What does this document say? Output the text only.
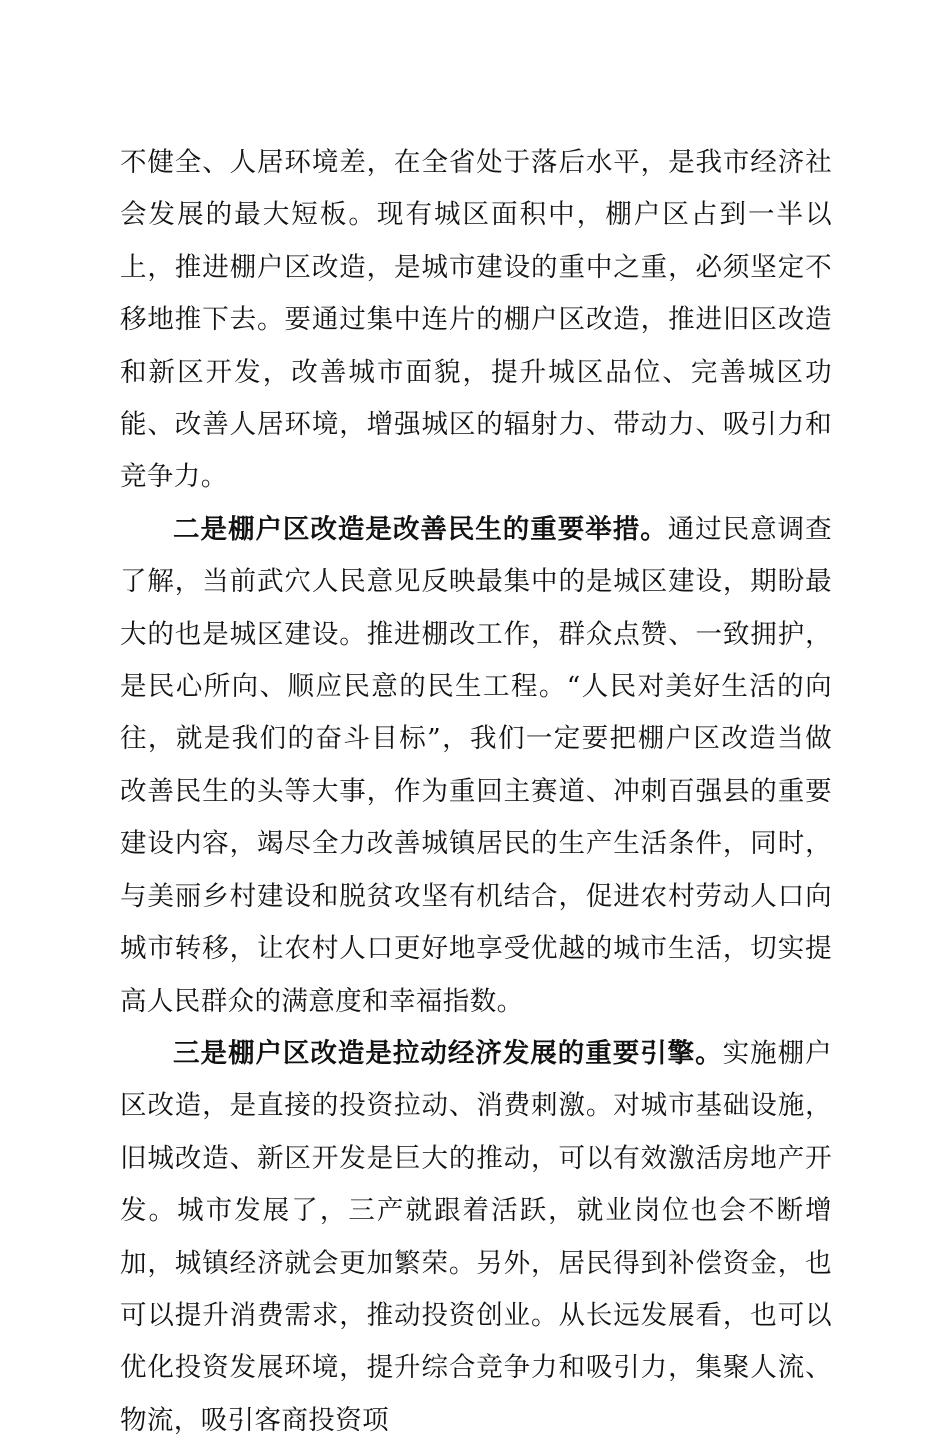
不健全、人居环境差，在全省处于落后水平，是我市经济社会发展的最大短板。现有城区面积中，棚户区占到一半以上，推进棚户区改造，是城市建设的重中之重，必须坚定不移地推下去。要通过集中连片的棚户区改造，推进旧区改造和新区开发，改善城市面貌，提升城区品位、完善城区功能、改善人居环境，增强城区的辐射力、带动力、吸引力和竞争力。

二是棚户区改造是改善民生的重要举措。通过民意调查了解，当前武穴人民意见反映最集中的是城区建设，期盼最大的也是城区建设。推进棚改工作，群众点赞、一致拥护，是民心所向、顺应民意的民生工程。“人民对美好生活的向往，就是我们的奋斗目标”，我们一定要把棚户区改造当做改善民生的头等大事，作为重回主赛道、冲刺百强县的重要建设内容，竭尽全力改善城镇居民的生产生活条件，同时，与美丽乡村建设和脱贫攻坚有机结合，促进农村劳动人口向城市转移，让农村人口更好地享受优越的城市生活，切实提高人民群众的满意度和幸福指数。

三是棚户区改造是拉动经济发展的重要引擎。实施棚户区改造，是直接的投资拉动、消费刺激。对城市基础设施，旧城改造、新区开发是巨大的推动，可以有效激活房地产开发。城市发展了，三产就跟着活跃，就业岗位也会不断增加，城镇经济就会更加繁荣。另外，居民得到补偿资金，也可以提升消费需求，推动投资创业。从长远发展看，也可以优化投资发展环境，提升综合竞争力和吸引力，集聚人流、物流，吸引客商投资项
